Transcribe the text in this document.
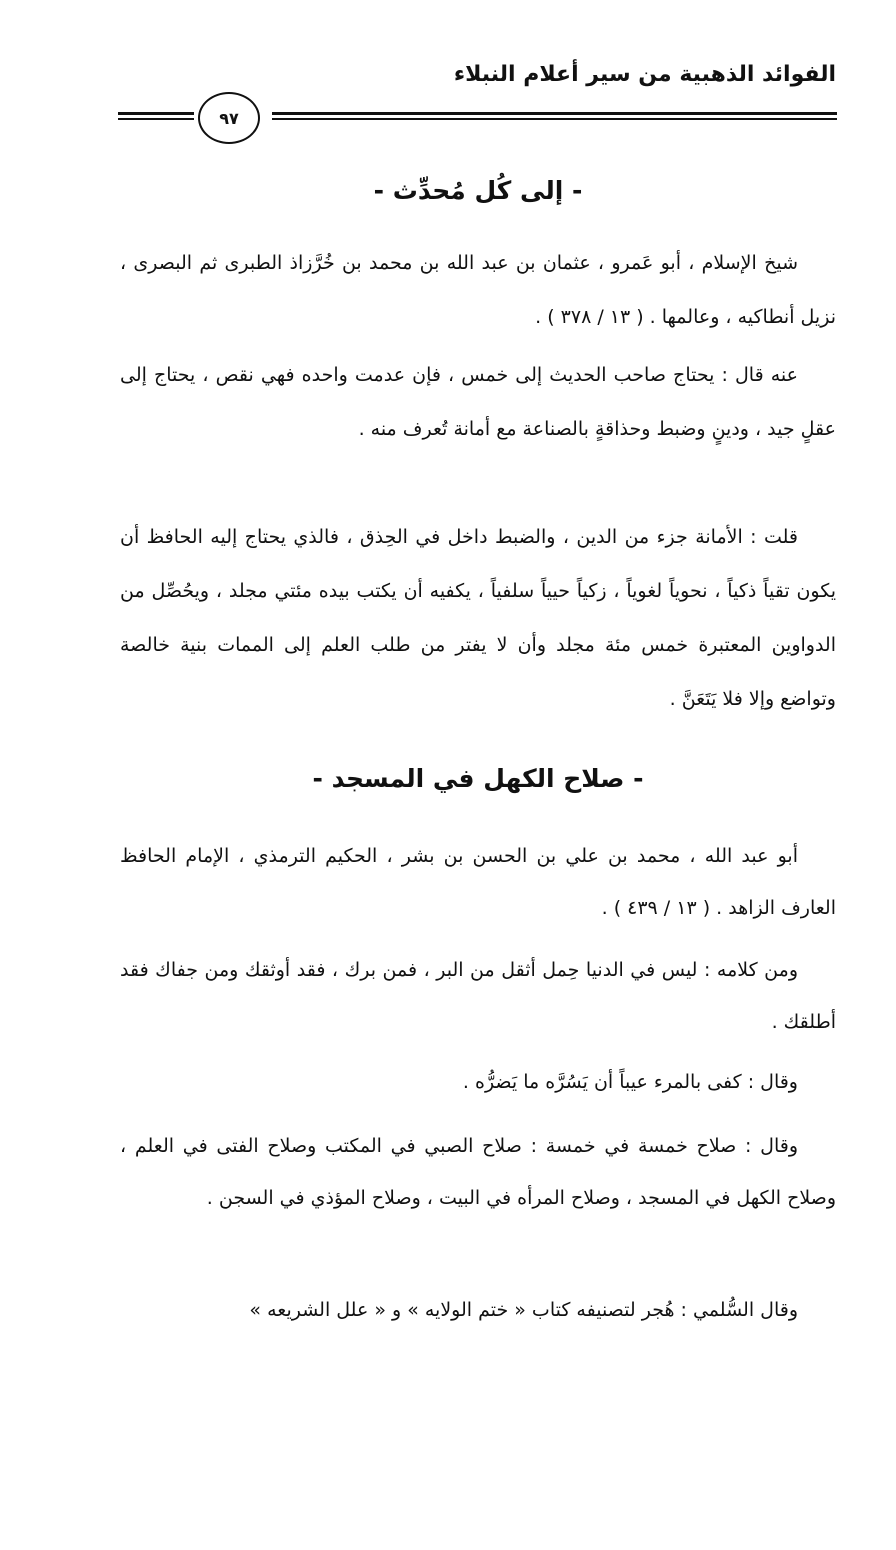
الفوائد الذهبية من سير أعلام النبلاء
٩٧
- إلى كُل مُحدِّث -
شيخ الإسلام ، أبو عَمرو ، عثمان بن عبد الله بن محمد بن خُرَّزاذ الطبرى ثم البصرى ، نزيل أنطاكيه ، وعالمها . ( ١٣ / ٣٧٨ ) .
عنه قال : يحتاج صاحب الحديث إلى خمس ، فإن عدمت واحده فهي نقص ، يحتاج إلى عقلٍ جيد ، ودينٍ وضبط وحذاقةٍ بالصناعة مع أمانة تُعرف منه .
قلت : الأمانة جزء من الدين ، والضبط داخل في الحِذق ، فالذي يحتاج إليه الحافظ أن يكون تقياً ذكياً ، نحوياً لغوياً ، زكياً حيياً سلفياً ، يكفيه أن يكتب بيده مئتي مجلد ، ويحُصِّل من الدواوين المعتبرة خمس مئة مجلد وأن لا يفتر من طلب العلم إلى الممات بنية خالصة وتواضع وإلا فلا يَتَعَنَّ .
- صلاح الكهل في المسجد -
أبو عبد الله ، محمد بن علي بن الحسن بن بشر ، الحكيم الترمذي ، الإمام الحافظ العارف الزاهد . ( ١٣ / ٤٣٩ ) .
ومن كلامه : ليس في الدنيا حِمل أثقل من البر ، فمن برك ، فقد أوثقك ومن جفاك فقد أطلقك .
وقال : كفى بالمرء عيباً أن يَسُرَّه ما يَضرُّه .
وقال : صلاح خمسة في خمسة : صلاح الصبي في المكتب وصلاح الفتى في العلم ، وصلاح الكهل في المسجد ، وصلاح المرأه في البيت ، وصلاح المؤذي في السجن .
وقال السُّلمي : هُجر لتصنيفه كتاب « ختم الولايه » و « علل الشريعه »
